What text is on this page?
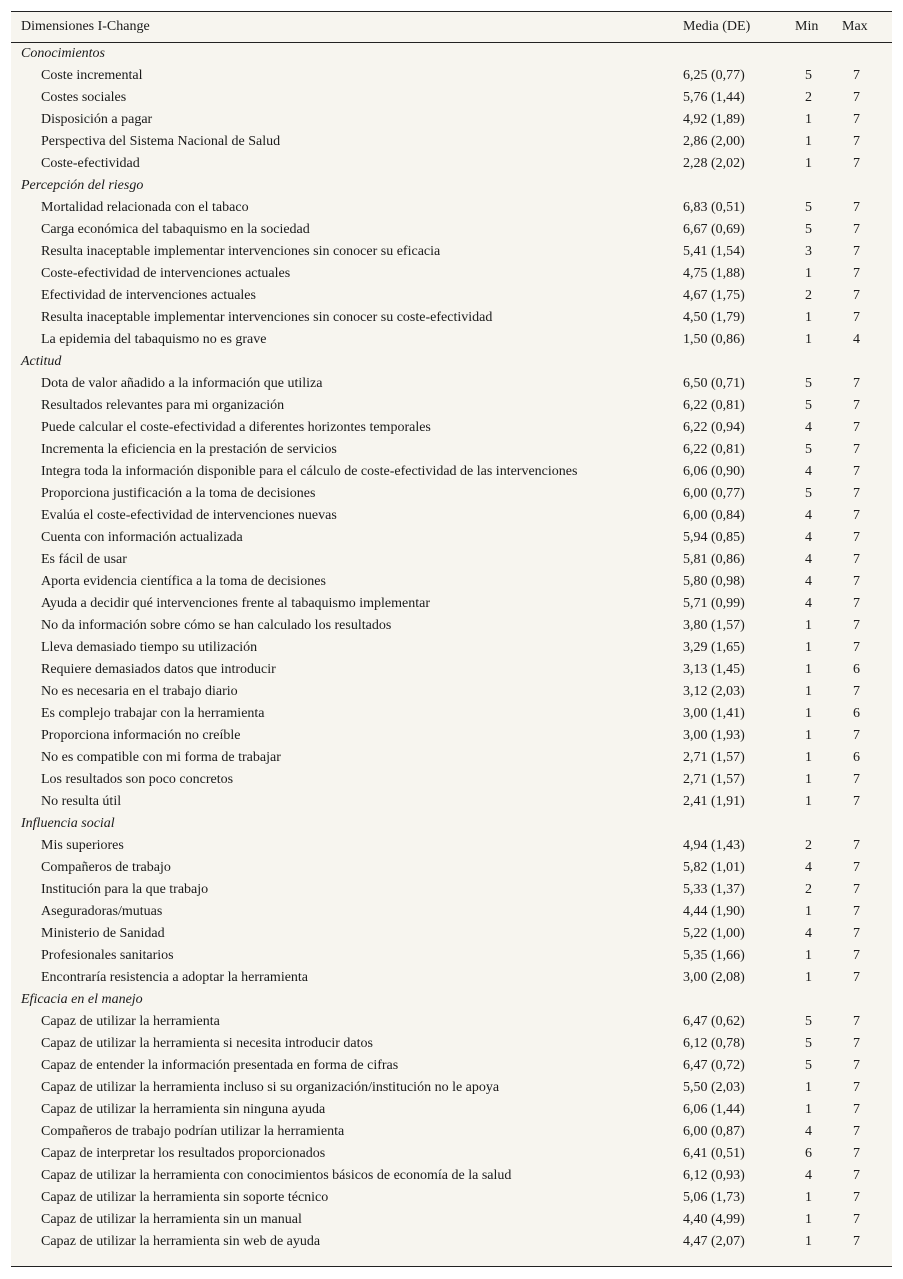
Dimensiones I-Change	Media (DE)	Min	Max
Conocimientos			
Coste incremental	6,25 (0,77)	5	7
Costes sociales	5,76 (1,44)	2	7
Disposición a pagar	4,92 (1,89)	1	7
Perspectiva del Sistema Nacional de Salud	2,86 (2,00)	1	7
Coste-efectividad	2,28 (2,02)	1	7
Percepción del riesgo			
Mortalidad relacionada con el tabaco	6,83 (0,51)	5	7
Carga económica del tabaquismo en la sociedad	6,67 (0,69)	5	7
Resulta inaceptable implementar intervenciones sin conocer su eficacia	5,41 (1,54)	3	7
Coste-efectividad de intervenciones actuales	4,75 (1,88)	1	7
Efectividad de intervenciones actuales	4,67 (1,75)	2	7
Resulta inaceptable implementar intervenciones sin conocer su coste-efectividad	4,50 (1,79)	1	7
La epidemia del tabaquismo no es grave	1,50 (0,86)	1	4
Actitud			
Dota de valor añadido a la información que utiliza	6,50 (0,71)	5	7
Resultados relevantes para mi organización	6,22 (0,81)	5	7
Puede calcular el coste-efectividad a diferentes horizontes temporales	6,22 (0,94)	4	7
Incrementa la eficiencia en la prestación de servicios	6,22 (0,81)	5	7
Integra toda la información disponible para el cálculo de coste-efectividad de las intervenciones	6,06 (0,90)	4	7
Proporciona justificación a la toma de decisiones	6,00 (0,77)	5	7
Evalúa el coste-efectividad de intervenciones nuevas	6,00 (0,84)	4	7
Cuenta con información actualizada	5,94 (0,85)	4	7
Es fácil de usar	5,81 (0,86)	4	7
Aporta evidencia científica a la toma de decisiones	5,80 (0,98)	4	7
Ayuda a decidir qué intervenciones frente al tabaquismo implementar	5,71 (0,99)	4	7
No da información sobre cómo se han calculado los resultados	3,80 (1,57)	1	7
Lleva demasiado tiempo su utilización	3,29 (1,65)	1	7
Requiere demasiados datos que introducir	3,13 (1,45)	1	6
No es necesaria en el trabajo diario	3,12 (2,03)	1	7
Es complejo trabajar con la herramienta	3,00 (1,41)	1	6
Proporciona información no creíble	3,00 (1,93)	1	7
No es compatible con mi forma de trabajar	2,71 (1,57)	1	6
Los resultados son poco concretos	2,71 (1,57)	1	7
No resulta útil	2,41 (1,91)	1	7
Influencia social			
Mis superiores	4,94 (1,43)	2	7
Compañeros de trabajo	5,82 (1,01)	4	7
Institución para la que trabajo	5,33 (1,37)	2	7
Aseguradoras/mutuas	4,44 (1,90)	1	7
Ministerio de Sanidad	5,22 (1,00)	4	7
Profesionales sanitarios	5,35 (1,66)	1	7
Encontraría resistencia a adoptar la herramienta	3,00 (2,08)	1	7
Eficacia en el manejo			
Capaz de utilizar la herramienta	6,47 (0,62)	5	7
Capaz de utilizar la herramienta si necesita introducir datos	6,12 (0,78)	5	7
Capaz de entender la información presentada en forma de cifras	6,47 (0,72)	5	7
Capaz de utilizar la herramienta incluso si su organización/institución no le apoya	5,50 (2,03)	1	7
Capaz de utilizar la herramienta sin ninguna ayuda	6,06 (1,44)	1	7
Compañeros de trabajo podrían utilizar la herramienta	6,00 (0,87)	4	7
Capaz de interpretar los resultados proporcionados	6,41 (0,51)	6	7
Capaz de utilizar la herramienta con conocimientos básicos de economía de la salud	6,12 (0,93)	4	7
Capaz de utilizar la herramienta sin soporte técnico	5,06 (1,73)	1	7
Capaz de utilizar la herramienta sin un manual	4,40 (4,99)	1	7
Capaz de utilizar la herramienta sin web de ayuda	4,47 (2,07)	1	7
